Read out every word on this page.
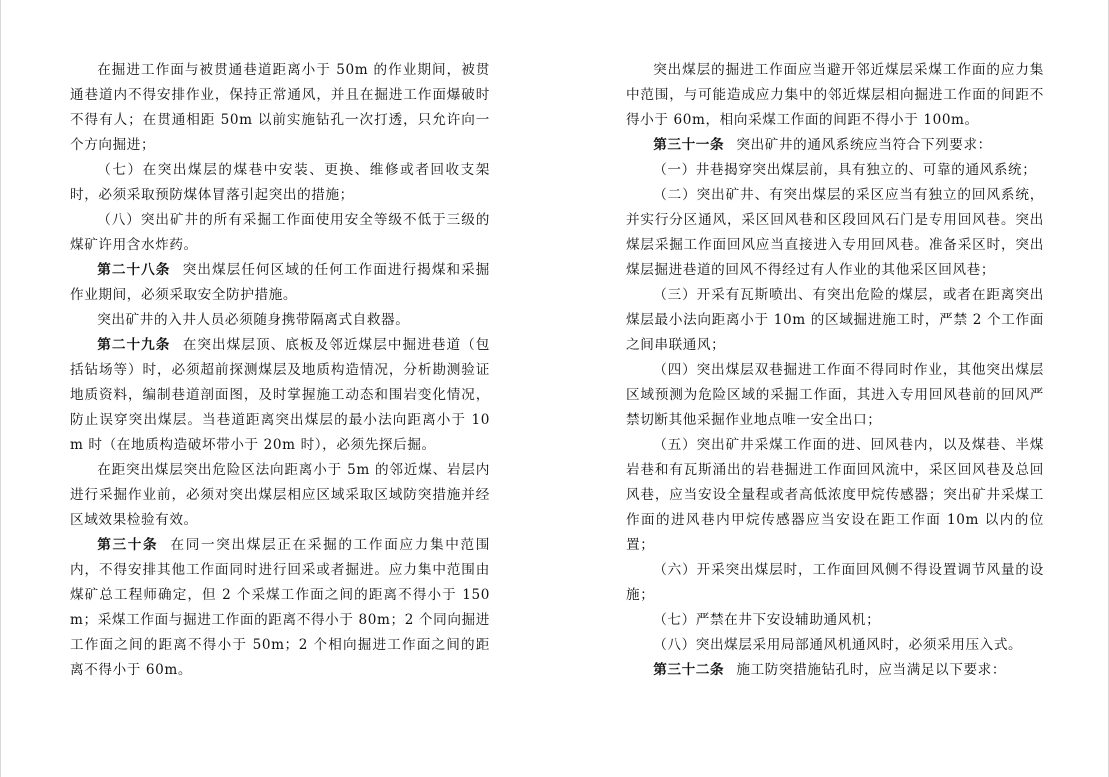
在掘进工作面与被贯通巷道距离小于 50m 的作业期间，被贯通巷道内不得安排作业，保持正常通风，并且在掘进工作面爆破时不得有人；在贯通相距 50m 以前实施钻孔一次打透，只允许向一个方向掘进；

（七）在突出煤层的煤巷中安装、更换、维修或者回收支架时，必须采取预防煤体冒落引起突出的措施；

（八）突出矿井的所有采掘工作面使用安全等级不低于三级的煤矿许用含水炸药。

第二十八条 突出煤层任何区域的任何工作面进行揭煤和采掘作业期间，必须采取安全防护措施。

突出矿井的入井人员必须随身携带隔离式自救器。

第二十九条 在突出煤层顶、底板及邻近煤层中掘进巷道（包括钻场等）时，必须超前探测煤层及地质构造情况，分析勘测验证地质资料，编制巷道剖面图，及时掌握施工动态和围岩变化情况，防止误穿突出煤层。当巷道距离突出煤层的最小法向距离小于 10m 时（在地质构造破坏带小于 20m 时），必须先探后掘。

在距突出煤层突出危险区法向距离小于 5m 的邻近煤、岩层内进行采掘作业前，必须对突出煤层相应区域采取区域防突措施并经区域效果检验有效。

第三十条 在同一突出煤层正在采掘的工作面应力集中范围内，不得安排其他工作面同时进行回采或者掘进。应力集中范围由煤矿总工程师确定，但 2 个采煤工作面之间的距离不得小于 150m；采煤工作面与掘进工作面的距离不得小于 80m；2 个同向掘进工作面之间的距离不得小于 50m；2 个相向掘进工作面之间的距离不得小于 60m。

突出煤层的掘进工作面应当避开邻近煤层采煤工作面的应力集中范围，与可能造成应力集中的邻近煤层相向掘进工作面的间距不得小于 60m，相向采煤工作面的间距不得小于 100m。

第三十一条 突出矿井的通风系统应当符合下列要求：

（一）井巷揭穿突出煤层前，具有独立的、可靠的通风系统；

（二）突出矿井、有突出煤层的采区应当有独立的回风系统，并实行分区通风，采区回风巷和区段回风石门是专用回风巷。突出煤层采掘工作面回风应当直接进入专用回风巷。准备采区时，突出煤层掘进巷道的回风不得经过有人作业的其他采区回风巷；

（三）开采有瓦斯喷出、有突出危险的煤层，或者在距离突出煤层最小法向距离小于 10m 的区域掘进施工时，严禁 2 个工作面之间串联通风；

（四）突出煤层双巷掘进工作面不得同时作业，其他突出煤层区域预测为危险区域的采掘工作面，其进入专用回风巷前的回风严禁切断其他采掘作业地点唯一安全出口；

（五）突出矿井采煤工作面的进、回风巷内，以及煤巷、半煤岩巷和有瓦斯涌出的岩巷掘进工作面回风流中，采区回风巷及总回风巷，应当安设全量程或者高低浓度甲烷传感器；突出矿井采煤工作面的进风巷内甲烷传感器应当安设在距工作面 10m 以内的位置；

（六）开采突出煤层时，工作面回风侧不得设置调节风量的设施；

（七）严禁在井下安设辅助通风机；

（八）突出煤层采用局部通风机通风时，必须采用压入式。

第三十二条 施工防突措施钻孔时，应当满足以下要求：
